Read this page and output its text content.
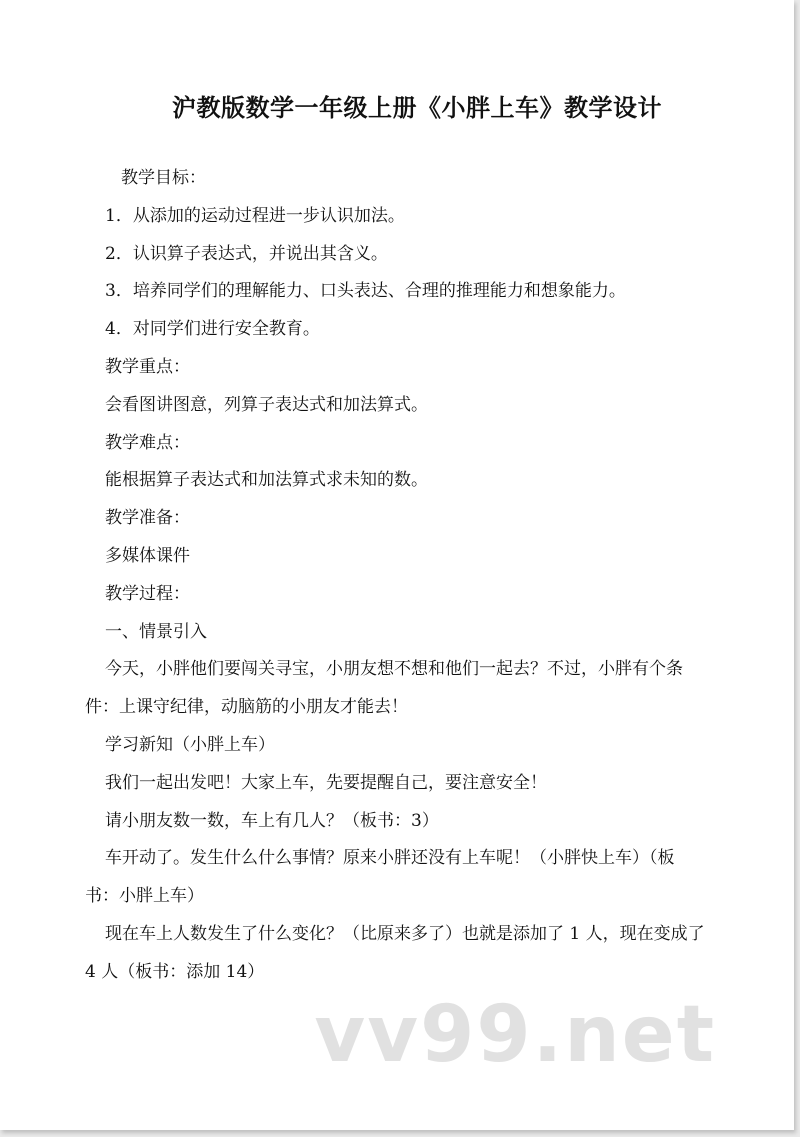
沪教版数学一年级上册《小胖上车》教学设计

教学目标：

1．从添加的运动过程进一步认识加法。

2．认识算子表达式，并说出其含义。

3．培养同学们的理解能力、口头表达、合理的推理能力和想象能力。

4．对同学们进行安全教育。

教学重点：

会看图讲图意，列算子表达式和加法算式。

教学难点：

能根据算子表达式和加法算式求未知的数。

教学准备：

多媒体课件

教学过程：

一、情景引入

今天，小胖他们要闯关寻宝，小朋友想不想和他们一起去？不过，小胖有个条件：上课守纪律，动脑筋的小朋友才能去！

学习新知（小胖上车）

我们一起出发吧！大家上车，先要提醒自己，要注意安全！

请小朋友数一数，车上有几人？（板书：3）

车开动了。发生什么什么事情？原来小胖还没有上车呢！（小胖快上车）（板书：小胖上车）

现在车上人数发生了什么变化？（比原来多了）也就是添加了 1 人，现在变成了 4 人（板书：添加 14）

vv99.net
